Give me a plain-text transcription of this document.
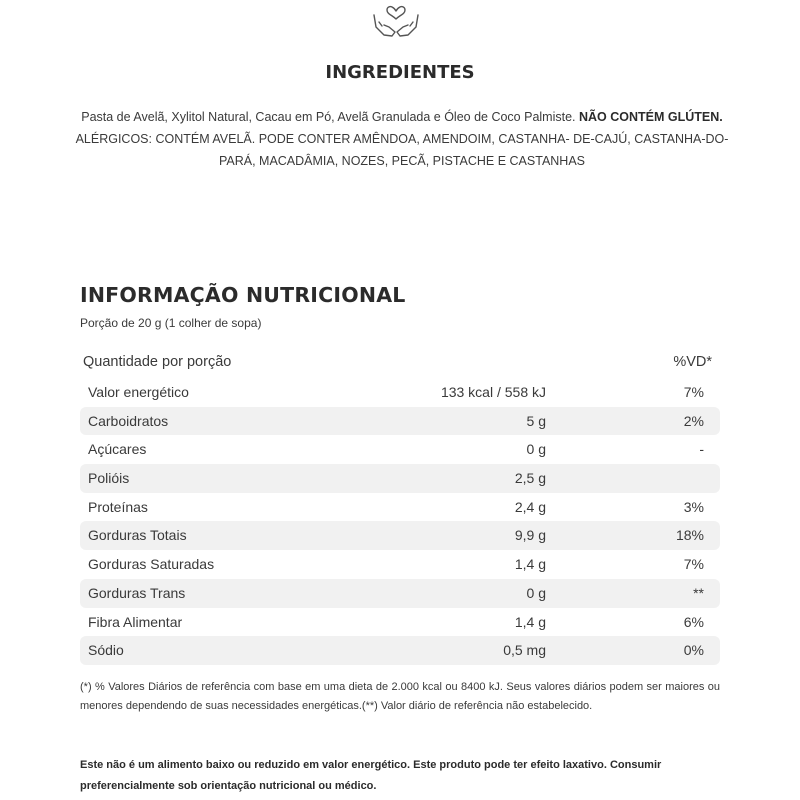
INGREDIENTES
Pasta de Avelã, Xylitol Natural, Cacau em Pó, Avelã Granulada e Óleo de Coco Palmiste. NÃO CONTÉM GLÚTEN. ALÉRGICOS: CONTÉM AVELÃ. PODE CONTER AMÊNDOA, AMENDOIM, CASTANHA- DE-CAJÚ, CASTANHA-DO-PARÁ, MACADÂMIA, NOZES, PECÃ, PISTACHE E CASTANHAS
INFORMAÇÃO NUTRICIONAL
Porção de 20 g (1 colher de sopa)
Quantidade por porção	%VD*
Valor energético	133 kcal / 558 kJ	7%
Carboidratos	5 g	2%
Açúcares	0 g	-
Polióis	2,5 g
Proteínas	2,4 g	3%
Gorduras Totais	9,9 g	18%
Gorduras Saturadas	1,4 g	7%
Gorduras Trans	0 g	**
Fibra Alimentar	1,4 g	6%
Sódio	0,5 mg	0%
(*) % Valores Diários de referência com base em uma dieta de 2.000 kcal ou 8400 kJ. Seus valores diários podem ser maiores ou menores dependendo de suas necessidades energéticas.(**) Valor diário de referência não estabelecido.
Este não é um alimento baixo ou reduzido em valor energético. Este produto pode ter efeito laxativo. Consumir preferencialmente sob orientação nutricional ou médico.
